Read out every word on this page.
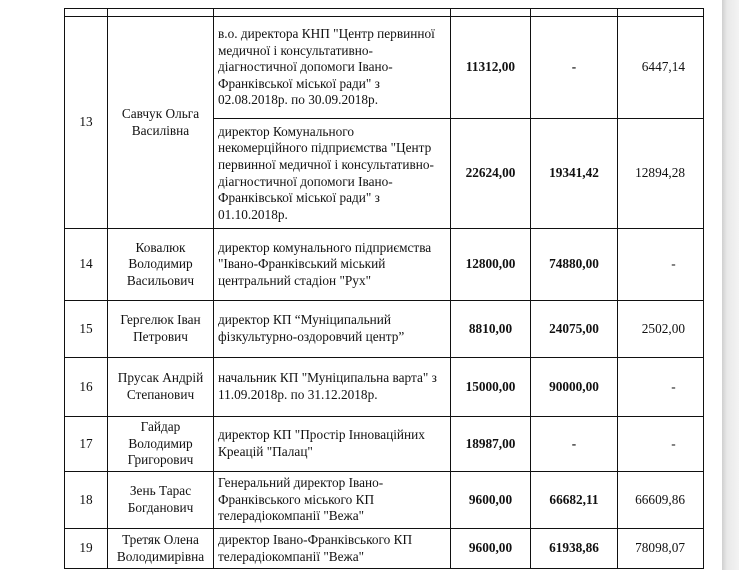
13	Савчук Ольга Василівна	в.о. директора КНП "Центр первинної медичної і консультативно- діагностичної допомоги Івано-Франківської міської ради" з 02.08.2018р. по 30.09.2018р.	11312,00	-	6447,14
		директор Комунального некомерційного підприємства "Центр первинної медичної і консультативно- діагностичної допомоги Івано-Франківської міської ради" з 01.10.2018р.	22624,00	19341,42	12894,28
14	Ковалюк Володимир Васильович	директор комунального підприємства "Івано-Франківський міський центральний стадіон "Рух"	12800,00	74880,00	-
15	Гергелюк Іван Петрович	директор КП “Муніципальний фізкультурно-оздоровчий центр”	8810,00	24075,00	2502,00
16	Прусак Андрій Степанович	начальник КП "Муніципальна варта" з 11.09.2018р. по 31.12.2018р.	15000,00	90000,00	-
17	Гайдар Володимир Григорович	директор КП "Простір Інноваційних Креацій "Палац"	18987,00	-	-
18	Зень Тарас Богданович	Генеральний директор Івано-Франківського міського КП телерадіокомпанії "Вежа"	9600,00	66682,11	66609,86
19	Третяк Олена Володимирівна	директор Івано-Франківського КП телерадіокомпанії "Вежа"	9600,00	61938,86	78098,07
